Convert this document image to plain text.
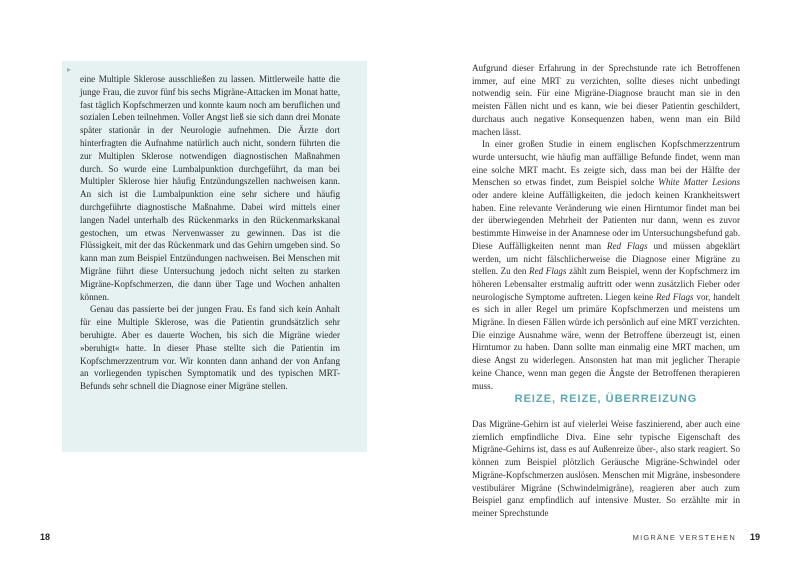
▸

eine Multiple Sklerose ausschließen zu lassen. Mittlerweile hatte die junge Frau, die zuvor fünf bis sechs Migräne-Attacken im Monat hatte, fast täglich Kopfschmerzen und konnte kaum noch am beruflichen und sozialen Leben teilnehmen. Voller Angst ließ sie sich dann drei Monate später stationär in der Neurologie aufnehmen. Die Ärzte dort hinterfragten die Aufnahme natürlich auch nicht, sondern führten die zur Multiplen Sklerose notwendigen diagnostischen Maßnahmen durch. So wurde eine Lumbalpunktion durchgeführt, da man bei Multipler Sklerose hier häufig Entzündungszellen nachweisen kann. An sich ist die Lumbalpunktion eine sehr sichere und häufig durchgeführte diagnostische Maßnahme. Dabei wird mittels einer langen Nadel unterhalb des Rückenmarks in den Rückenmarkskanal gestochen, um etwas Nervenwasser zu gewinnen. Das ist die Flüssigkeit, mit der das Rückenmark und das Gehirn umgeben sind. So kann man zum Beispiel Entzündungen nachweisen. Bei Menschen mit Migräne führt diese Untersuchung jedoch nicht selten zu starken Migräne-Kopfschmerzen, die dann über Tage und Wochen anhalten können.

Genau das passierte bei der jungen Frau. Es fand sich kein Anhalt für eine Multiple Sklerose, was die Patientin grundsätzlich sehr beruhigte. Aber es dauerte Wochen, bis sich die Migräne wieder »beruhigt« hatte. In dieser Phase stellte sich die Patientin im Kopfschmerzzentrum vor. Wir konnten dann anhand der von Anfang an vorliegenden typischen Symptomatik und des typischen MRT-Befunds sehr schnell die Diagnose einer Migräne stellen.

18

Aufgrund dieser Erfahrung in der Sprechstunde rate ich Betroffenen immer, auf eine MRT zu verzichten, sollte dieses nicht unbedingt notwendig sein. Für eine Migräne-Diagnose braucht man sie in den meisten Fällen nicht und es kann, wie bei dieser Patientin geschildert, durchaus auch negative Konsequenzen haben, wenn man ein Bild machen lässt.

In einer großen Studie in einem englischen Kopfschmerzzentrum wurde untersucht, wie häufig man auffällige Befunde findet, wenn man eine solche MRT macht. Es zeigte sich, dass man bei der Hälfte der Menschen so etwas findet, zum Beispiel solche White Matter Lesions oder andere kleine Auffälligkeiten, die jedoch keinen Krankheitswert haben. Eine relevante Veränderung wie einen Hirntumor findet man bei der überwiegenden Mehrheit der Patienten nur dann, wenn es zuvor bestimmte Hinweise in der Anamnese oder im Untersuchungsbefund gab. Diese Auffälligkeiten nennt man Red Flags und müssen abgeklärt werden, um nicht fälschlicherweise die Diagnose einer Migräne zu stellen. Zu den Red Flags zählt zum Beispiel, wenn der Kopfschmerz im höheren Lebensalter erstmalig auftritt oder wenn zusätzlich Fieber oder neurologische Symptome auftreten. Liegen keine Red Flags vor, handelt es sich in aller Regel um primäre Kopfschmerzen und meistens um Migräne. In diesen Fällen würde ich persönlich auf eine MRT verzichten. Die einzige Ausnahme wäre, wenn der Betroffene überzeugt ist, einen Hirntumor zu haben. Dann sollte man einmalig eine MRT machen, um diese Angst zu widerlegen. Ansonsten hat man mit jeglicher Therapie keine Chance, wenn man gegen die Ängste der Betroffenen therapieren muss.

REIZE, REIZE, ÜBERREIZUNG

Das Migräne-Gehirn ist auf vielerlei Weise faszinierend, aber auch eine ziemlich empfindliche Diva. Eine sehr typische Eigenschaft des Migräne-Gehirns ist, dass es auf Außenreize über-, also stark reagiert. So können zum Beispiel plötzlich Geräusche Migräne-Schwindel oder Migräne-Kopfschmerzen auslösen. Menschen mit Migräne, insbesondere vestibulärer Migräne (Schwindelmigräne), reagieren aber auch zum Beispiel ganz empfindlich auf intensive Muster. So erzählte mir in meiner Sprechstunde

MIGRÄNE VERSTEHEN 19
